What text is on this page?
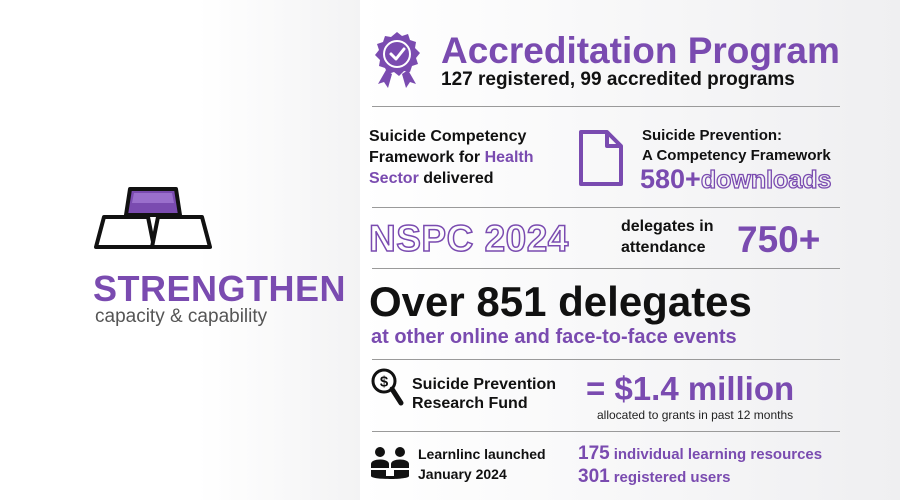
STRENGTHEN
capacity & capability
Accreditation Program
127 registered, 99 accredited programs
Suicide Competency
Framework for Health
Sector delivered
Suicide Prevention:
A Competency Framework
580+downloads
NSPC 2024	delegates in
attendance 750+
Over 851 delegates
at other online and face-to-face events
$ Suicide Prevention
Research Fund	= $1.4 million
allocated to grants in past 12 months
Learnlinc launched
January 2024
175 individual learning resources
301 registered users
